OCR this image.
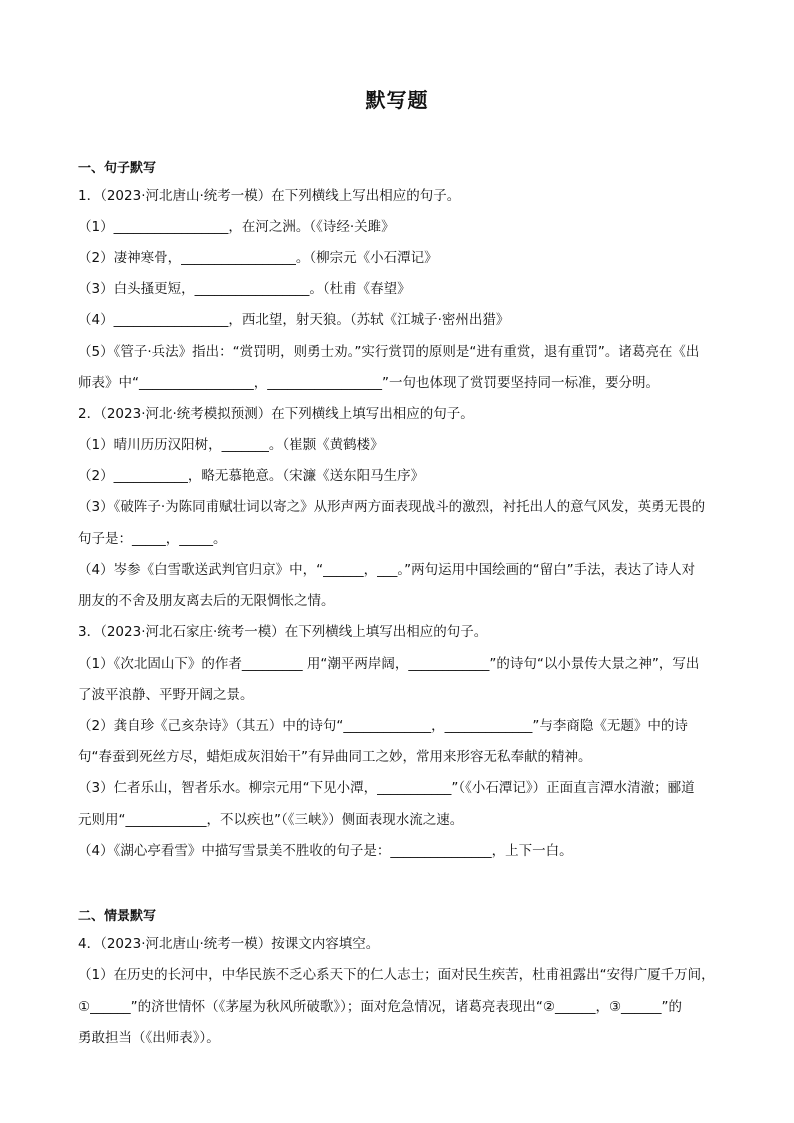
默写题
一、句子默写
1．（2023·河北唐山·统考一模）在下列横线上写出相应的句子。
（1）_________________，在河之洲。（《诗经·关雎》
（2）凄神寒骨，_________________。（柳宗元《小石潭记》
（3）白头搔更短，_________________。（杜甫《春望》
（4）_________________，西北望，射天狼。（苏轼《江城子·密州出猎》
（5）《管子·兵法》指出：“赏罚明，则勇士劝。”实行赏罚的原则是“进有重赏，退有重罚”。诸葛亮在《出
师表》中“_________________，_________________”一句也体现了赏罚要坚持同一标准，要分明。
2．（2023·河北·统考模拟预测）在下列横线上填写出相应的句子。
（1）晴川历历汉阳树，_______。（崔颢《黄鹤楼》
（2）___________，略无慕艳意。（宋濂《送东阳马生序》
（3）《破阵子·为陈同甫赋壮词以寄之》从形声两方面表现战斗的激烈，衬托出人的意气风发，英勇无畏的
句子是：_____，_____。
（4）岑参《白雪歌送武判官归京》中，“______，___。”两句运用中国绘画的“留白”手法，表达了诗人对
朋友的不舍及朋友离去后的无限惆怅之情。
3．（2023·河北石家庄·统考一模）在下列横线上填写出相应的句子。
（1）《次北固山下》的作者_________ 用“潮平两岸阔，____________”的诗句“以小景传大景之神”，写出
了波平浪静、平野开阔之景。
（2）龚自珍《己亥杂诗》（其五）中的诗句“_____________，_____________”与李商隐《无题》中的诗
句“春蚕到死丝方尽，蜡炬成灰泪始干”有异曲同工之妙，常用来形容无私奉献的精神。
（3）仁者乐山，智者乐水。柳宗元用“下见小潭，___________”（《小石潭记》）正面直言潭水清澈；郦道
元则用“____________，不以疾也”（《三峡》）侧面表现水流之速。
（4）《湖心亭看雪》中描写雪景美不胜收的句子是：_______________，上下一白。
二、情景默写
4．（2023·河北唐山·统考一模）按课文内容填空。
（1）在历史的长河中，中华民族不乏心系天下的仁人志士；面对民生疾苦，杜甫祖露出“安得广厦千万间，
①______”的济世情怀（《茅屋为秋风所破歌》）；面对危急情况，诸葛亮表现出“②______，③______”的
勇敢担当（《出师表》）。
